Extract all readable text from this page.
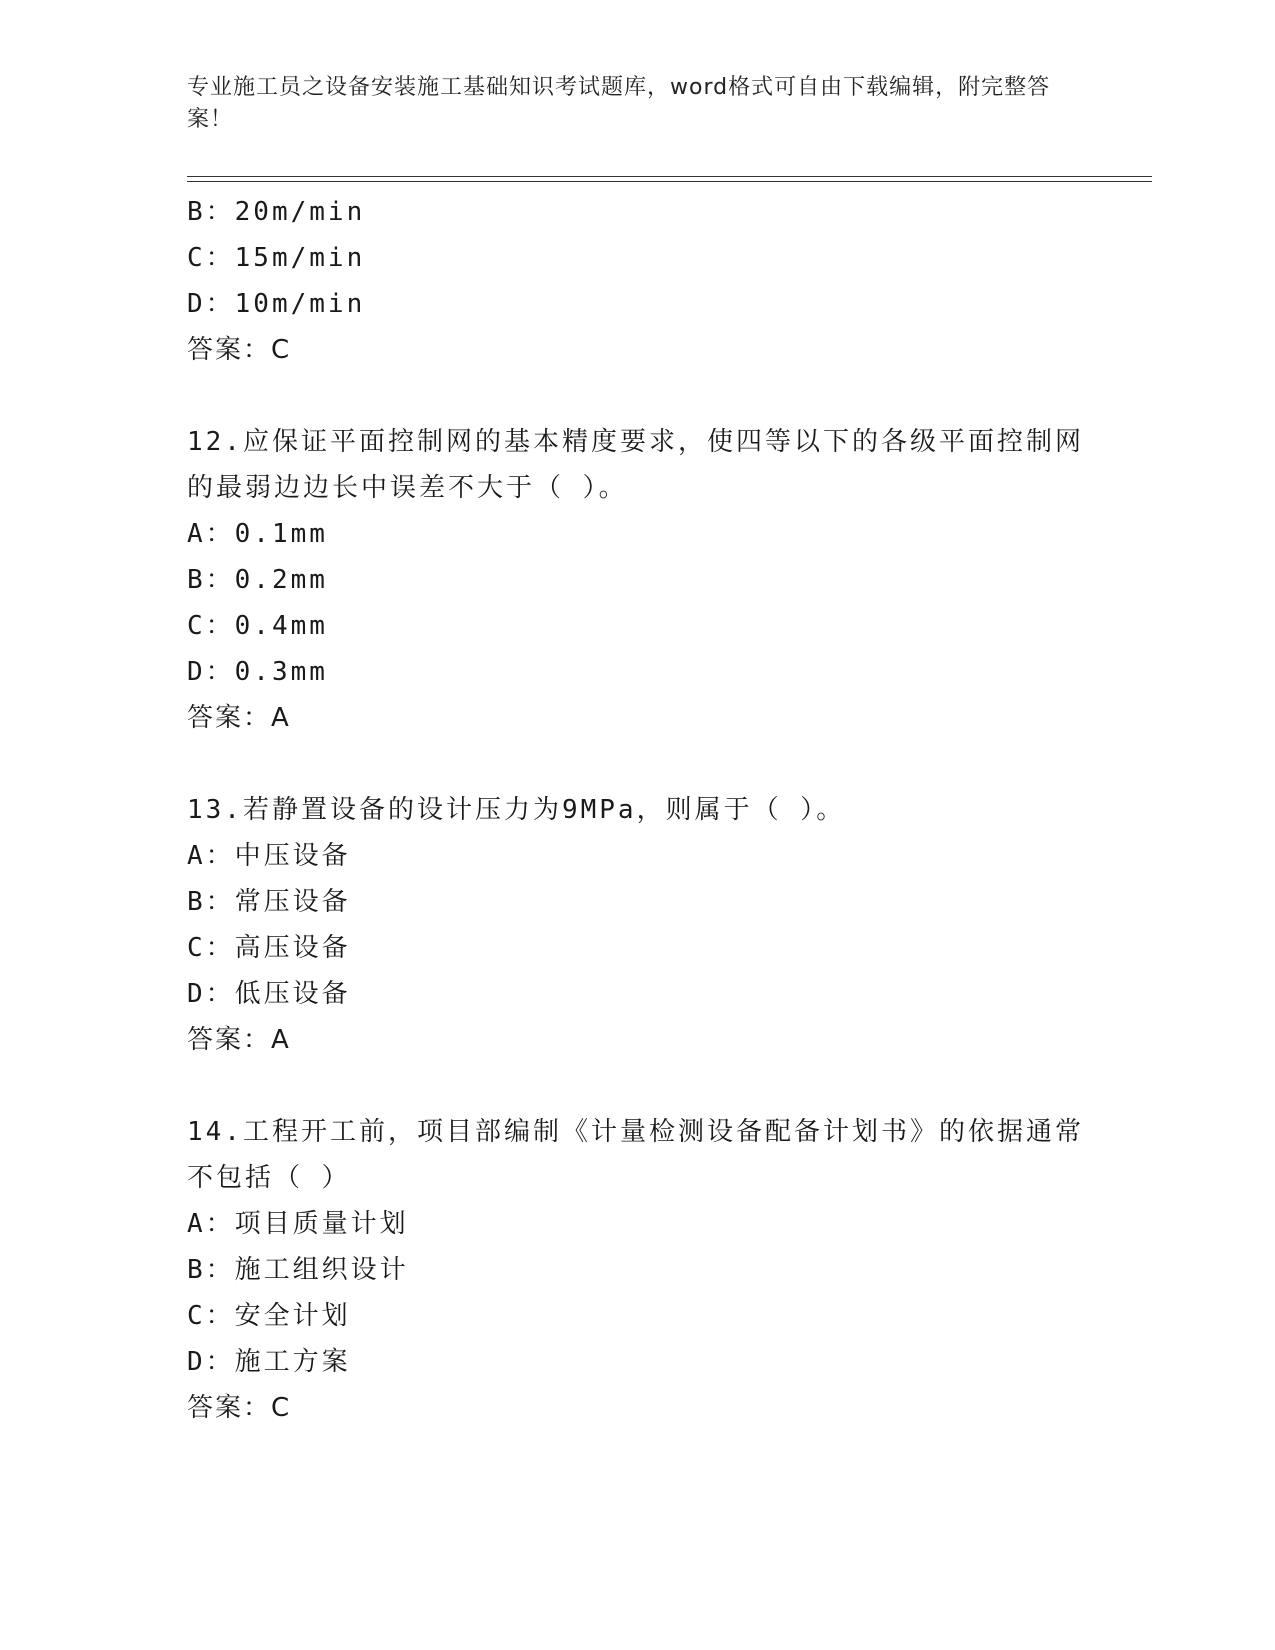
专业施工员之设备安装施工基础知识考试题库，word格式可自由下载编辑，附完整答案！
B：20m/min
C：15m/min
D：10m/min
答案：C
12.应保证平面控制网的基本精度要求，使四等以下的各级平面控制网的最弱边边长中误差不大于（ ）。
A：0.1mm
B：0.2mm
C：0.4mm
D：0.3mm
答案：A
13.若静置设备的设计压力为9MPa，则属于（ ）。
A：中压设备
B：常压设备
C：高压设备
D：低压设备
答案：A
14.工程开工前，项目部编制《计量检测设备配备计划书》的依据通常不包括（ ）
A：项目质量计划
B：施工组织设计
C：安全计划
D：施工方案
答案：C
